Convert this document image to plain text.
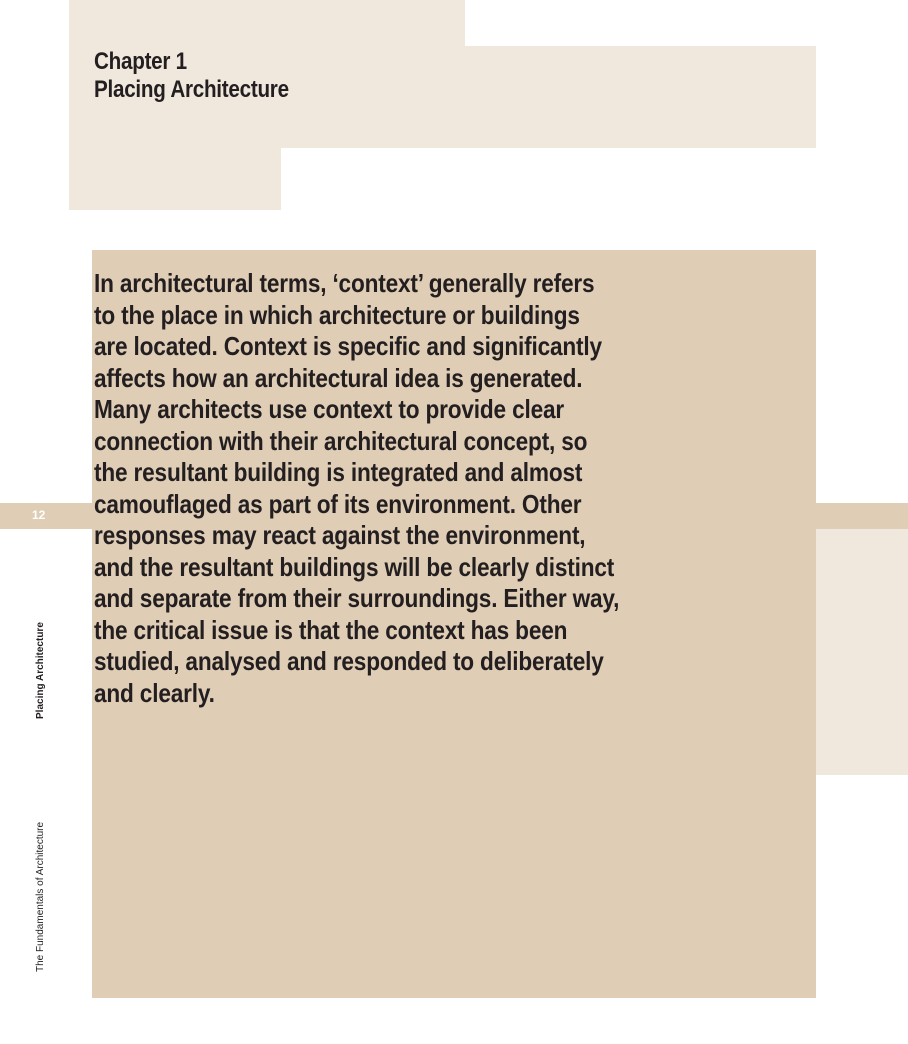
Chapter 1
Placing Architecture

In architectural terms, ‘context’ generally refers
to the place in which architecture or buildings
are located. Context is specific and significantly
affects how an architectural idea is generated.
Many architects use context to provide clear
connection with their architectural concept, so
the resultant building is integrated and almost
camouflaged as part of its environment. Other
responses may react against the environment,
and the resultant buildings will be clearly distinct
and separate from their surroundings. Either way,
the critical issue is that the context has been
studied, analysed and responded to deliberately
and clearly.

12
Placing Architecture
The Fundamentals of Architecture
